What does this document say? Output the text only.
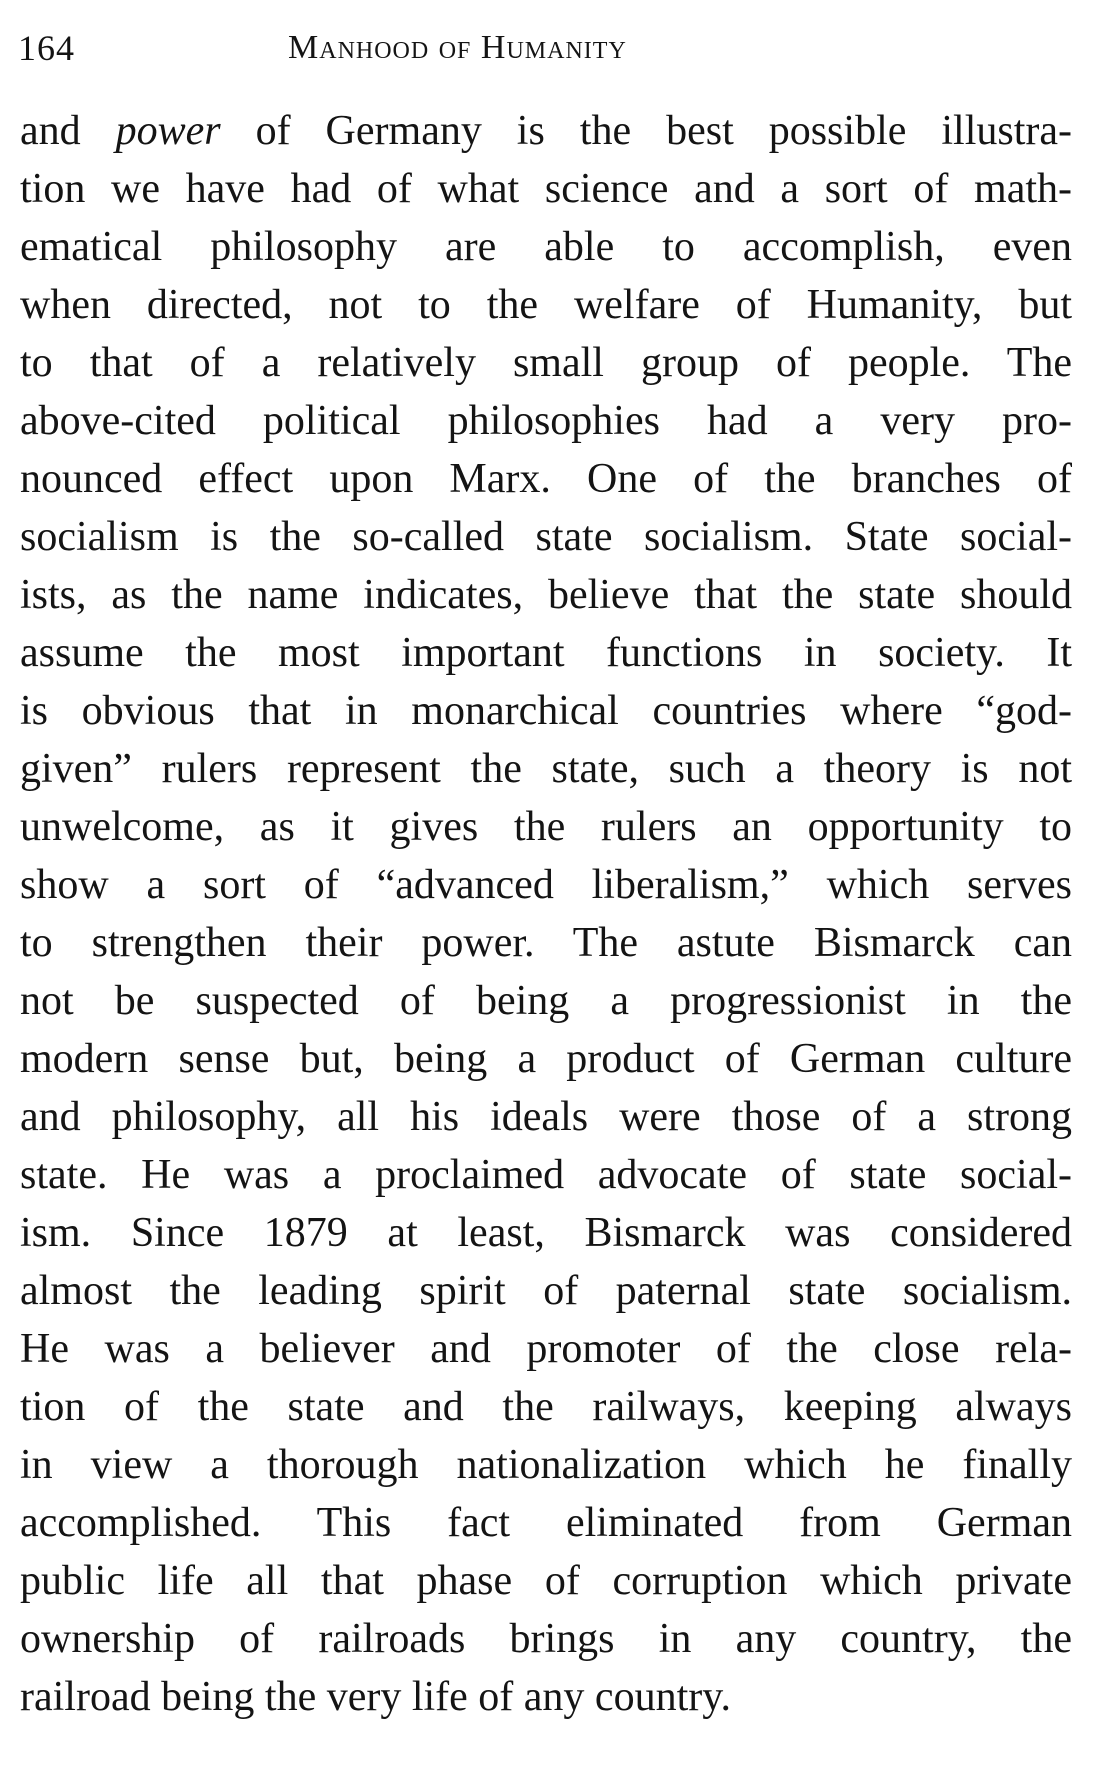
164	Manhood of Humanity
and power of Germany is the best possible illustra-
tion we have had of what science and a sort of math-
ematical philosophy are able to accomplish, even
when directed, not to the welfare of Humanity, but
to that of a relatively small group of people. The
above-cited political philosophies had a very pro-
nounced effect upon Marx. One of the branches of
socialism is the so-called state socialism. State social-
ists, as the name indicates, believe that the state should
assume the most important functions in society. It
is obvious that in monarchical countries where “god-
given” rulers represent the state, such a theory is not
unwelcome, as it gives the rulers an opportunity to
show a sort of “advanced liberalism,” which serves
to strengthen their power. The astute Bismarck can
not be suspected of being a progressionist in the
modern sense but, being a product of German culture
and philosophy, all his ideals were those of a strong
state. He was a proclaimed advocate of state social-
ism. Since 1879 at least, Bismarck was considered
almost the leading spirit of paternal state socialism.
He was a believer and promoter of the close rela-
tion of the state and the railways, keeping always
in view a thorough nationalization which he finally
accomplished. This fact eliminated from German
public life all that phase of corruption which private
ownership of railroads brings in any country, the
railroad being the very life of any country.
